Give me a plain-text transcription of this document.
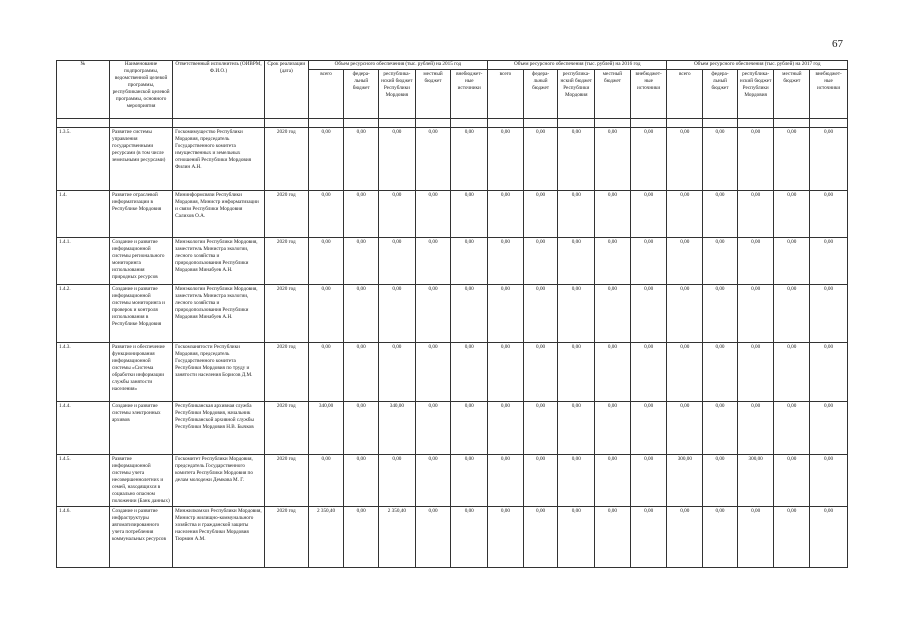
67
№	Наименование подпрограммы, ведомственной целевой программы, республиканской целевой программы, основного мероприятия	Ответственный исполнитель (ОИВРМ, Ф.И.О.)	Срок реализации (дата)	Объем ресурсного обеспечения (тыс. рублей) на 2015 год					Объем ресурсного обеспечения (тыс. рублей) на 2016 год					Объем ресурсного обеспечения (тыс. рублей) на 2017 год				
				всего	федера-льный бюджет	республика-нский бюджет Республики Мордовия	местный бюджет	внебюджет-ные источники	всего	федера-льный бюджет	республика-нский бюджет Республики Мордовия	местный бюджет	внебюджет-ные источники	всего	федера-льный бюджет	республика-нский бюджет Республики Мордовия	местный бюджет	внебюджет-ные источники

1.3.5.	Развитие системы управления государственными ресурсами (в том числе земельными ресурсами)	Госкомимущество Республики Мордовия, председатель Государственного комитета имущественных и земельных отношений Республики Мордовия Филин А.Н.	2020 год	0,00	0,00	0,00	0,00	0,00	0,00	0,00	0,00	0,00	0,00	0,00	0,00	0,00	0,00	0,00
1.4.	Развитие отраслевой информатизации в Республике Мордовия	Мининформсвязи Республики Мордовия, Министр информатизации и связи Республики Мордовия Салихов О.А.	2020 год	0,00	0,00	0,00	0,00	0,00	0,00	0,00	0,00	0,00	0,00	0,00	0,00	0,00	0,00	0,00
1.4.1.	Создание и развитие информационной системы регионального мониторинга использования природных ресурсов	Минэкологии Республики Мордовия, заместитель Министра экологии, лесного хозяйства и природопользования Республики Мордовия Минабуев А.Н.	2020 год	0,00	0,00	0,00	0,00	0,00	0,00	0,00	0,00	0,00	0,00	0,00	0,00	0,00	0,00	0,00
1.4.2.	Создание и развитие информационной системы мониторинга и проверок и контроля использования в Республике Мордовия	Минэкологии Республики Мордовия, заместитель Министра экологии, лесного хозяйства и природопользования Республики Мордовия Минабуев А.Н.	2020 год	0,00	0,00	0,00	0,00	0,00	0,00	0,00	0,00	0,00	0,00	0,00	0,00	0,00	0,00	0,00
1.4.3.	Развитие и обеспечение функционирования информационной системы «Система обработки информации службы занятости населения»	Госкомзанятости Республики Мордовия, председатель Государственного комитета Республики Мордовия по труду и занятости населения Борисов Д.М.	2020 год	0,00	0,00	0,00	0,00	0,00	0,00	0,00	0,00	0,00	0,00	0,00	0,00	0,00	0,00	0,00
1.4.4.	Создание и развитие системы электронных архивов	Республиканская архивная служба Республики Мордовия, начальник Республиканской архивной службы Республики Мордовия Н.В. Бычков	2020 год	340,00	0,00	340,00	0,00	0,00	0,00	0,00	0,00	0,00	0,00	0,00	0,00	0,00	0,00	0,00
1.4.5.	Развитие информационной системы учета несовершеннолетних и семей, находящихся в социально опасном положении (Банк данных)	Госкомитет Республики Мордовия, председатель Государственного комитета Республики Мордовия по делам молодежи Демкова М. Г.	2020 год	0,00	0,00	0,00	0,00	0,00	0,00	0,00	0,00	0,00	0,00	300,00	0,00	300,00	0,00	0,00
1.4.6.	Создание и развитие инфраструктуры автоматизированного учета потребления коммунальных ресурсов	Минжилкомхоз Республики Мордовия, Министр жилищно-коммунального хозяйства и гражданской защиты населения Республики Мордовия Тюрмин А.М.	2020 год	2 350,40	0,00	2 350,40	0,00	0,00	0,00	0,00	0,00	0,00	0,00	0,00	0,00	0,00	0,00	0,00
